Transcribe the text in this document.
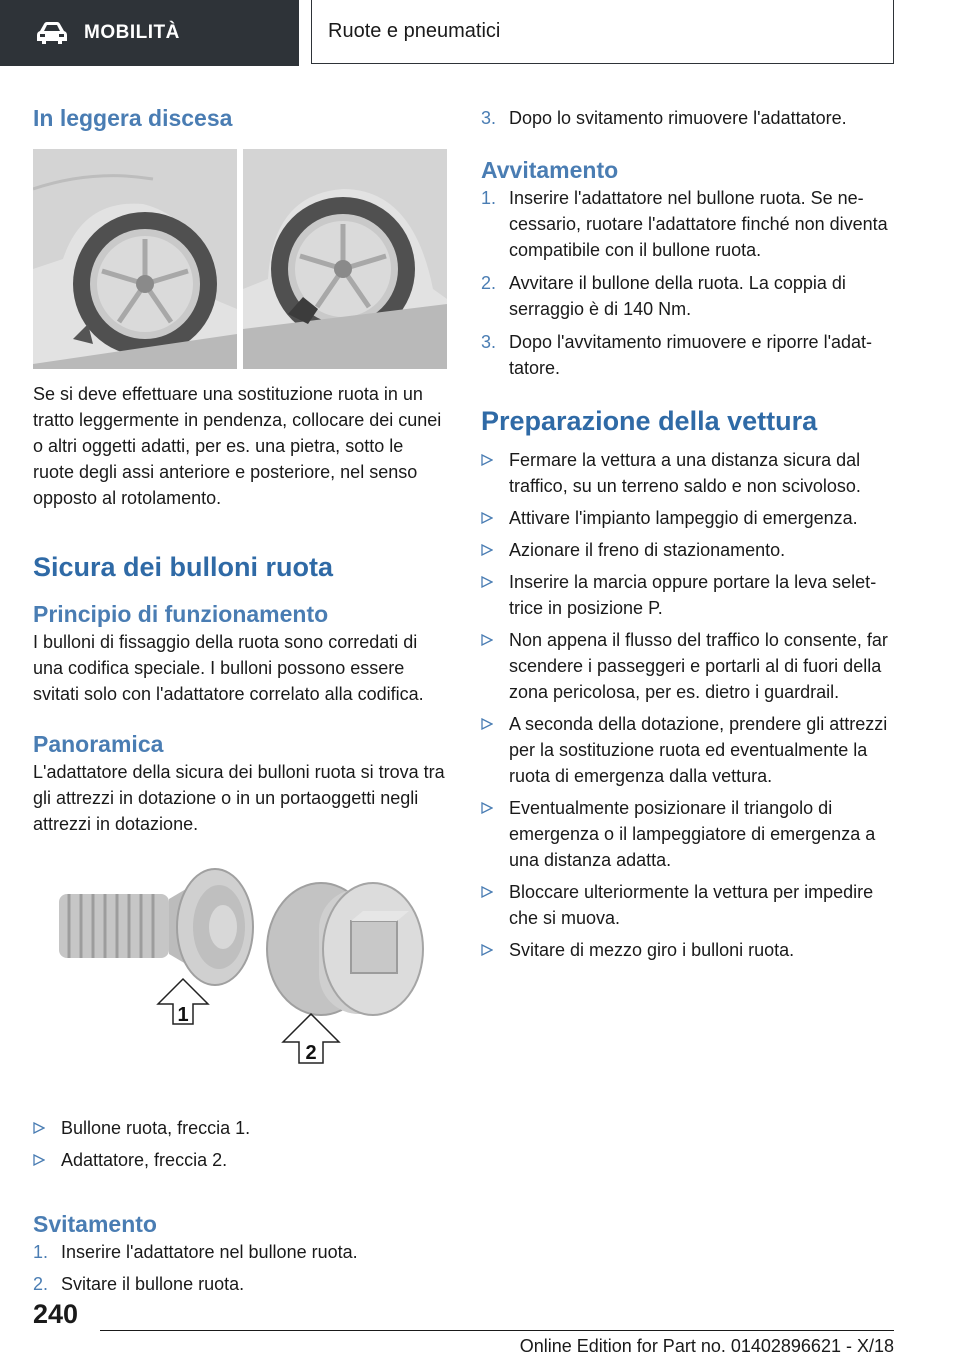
MOBILITÀ	Ruote e pneumatici
In leggera discesa

Se si deve effettuare una sostituzione ruota in un tratto leggermente in pendenza, collocare dei cunei o altri oggetti adatti, per es. una pietra, sotto le ruote degli assi anteriore e posteriore, nel senso opposto al rotolamento.

Sicura dei bulloni ruota
Principio di funzionamento

I bulloni di fissaggio della ruota sono corredati di una codifica speciale. I bulloni possono essere svitati solo con l'adattatore correlato alla codifica.

Panoramica

L'adattatore della sicura dei bulloni ruota si trova tra gli attrezzi in dotazione o in un portaoggetti negli attrezzi in dotazione.

1
2
Bullone ruota, freccia 1.
Adattatore, freccia 2.
Svitamento
1. Inserire l'adattatore nel bullone ruota.
2. Svitare il bullone ruota.
3. Dopo lo svitamento rimuovere l'adattatore.
Avvitamento
1. Inserire l'adattatore nel bullone ruota. Se necessario, ruotare l'adattatore finché non diventa compatibile con il bullone ruota.
2. Avvitare il bullone della ruota. La coppia di serraggio è di 140 Nm.
3. Dopo l'avvitamento rimuovere e riporre l'adattatore.
Preparazione della vettura
Fermare la vettura a una distanza sicura dal traffico, su un terreno saldo e non scivoloso.
Attivare l'impianto lampeggio di emergenza.
Azionare il freno di stazionamento.
Inserire la marcia oppure portare la leva selettrice in posizione P.
Non appena il flusso del traffico lo consente, far scendere i passeggeri e portarli al di fuori della zona pericolosa, per es. dietro i guardrail.
A seconda della dotazione, prendere gli attrezzi per la sostituzione ruota ed eventualmente la ruota di emergenza dalla vettura.
Eventualmente posizionare il triangolo di emergenza o il lampeggiatore di emergenza a una distanza adatta.
Bloccare ulteriormente la vettura per impedire che si muova.
Svitare di mezzo giro i bulloni ruota.
240
Online Edition for Part no. 01402896621 - X/18
